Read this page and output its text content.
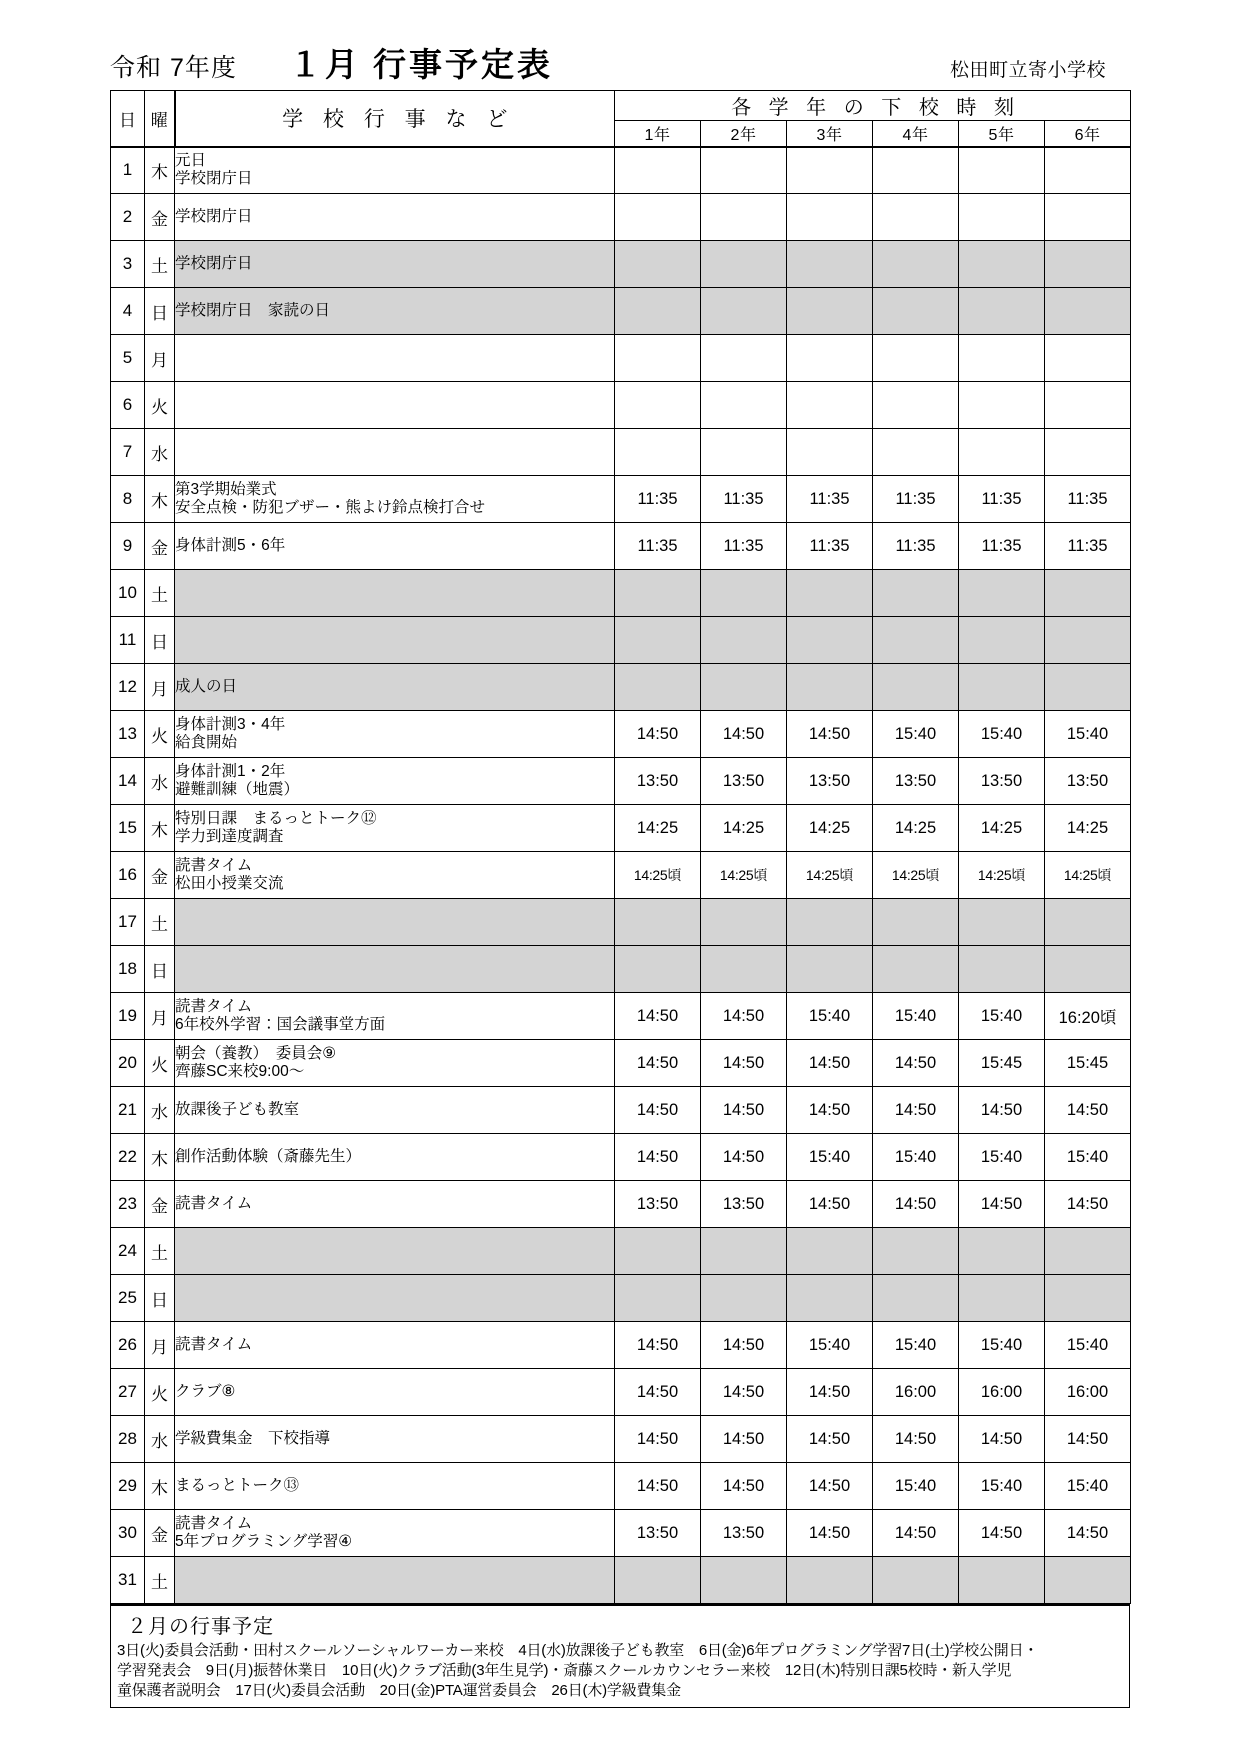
令和 7年度 １月 行事予定表	松田町立寄小学校
日	曜	学 校 行 事 な ど	各 学 年 の 下 校 時 刻					
			1年	2年	3年	4年	5年	6年
1	木	元日
学校閉庁日						

2	金	学校閉庁日						

3	土	学校閉庁日						

4	日	学校閉庁日　家読の日						

5	月							
6	火							
7	水							
8	木	第3学期始業式
安全点検・防犯ブザー・熊よけ鈴点検打合せ	11:35	11:35	11:35	11:35	11:35	11:35
9	金	身体計測5・6年	11:35	11:35	11:35	11:35	11:35	11:35
10	土							
11	日							
12	月	成人の日						

13	火	身体計測3・4年
給食開始	14:50	14:50	14:50	15:40	15:40	15:40
14	水	身体計測1・2年
避難訓練（地震）	13:50	13:50	13:50	13:50	13:50	13:50
15	木	特別日課　まるっとトーク⑫
学力到達度調査	14:25	14:25	14:25	14:25	14:25	14:25
16	金	読書タイム
松田小授業交流	14:25頃	14:25頃	14:25頃	14:25頃	14:25頃	14:25頃
17	土							
18	日							
19	月	読書タイム
6年校外学習：国会議事堂方面	14:50	14:50	15:40	15:40	15:40	16:20頃
20	火	朝会（養教）　委員会⑨
齊藤SC来校9:00〜	14:50	14:50	14:50	14:50	15:45	15:45
21	水	放課後子ども教室	14:50	14:50	14:50	14:50	14:50	14:50
22	木	創作活動体験（斎藤先生）	14:50	14:50	15:40	15:40	15:40	15:40
23	金	読書タイム	13:50	13:50	14:50	14:50	14:50	14:50
24	土							
25	日							
26	月	読書タイム	14:50	14:50	15:40	15:40	15:40	15:40
27	火	クラブ⑧	14:50	14:50	14:50	16:00	16:00	16:00
28	水	学級費集金　下校指導	14:50	14:50	14:50	14:50	14:50	14:50
29	木	まるっとトーク⑬	14:50	14:50	14:50	15:40	15:40	15:40
30	金	読書タイム
5年プログラミング学習④	13:50	13:50	14:50	14:50	14:50	14:50
31	土							
２月の行事予定
3日(火)委員会活動・田村スクールソーシャルワーカー来校　4日(水)放課後子ども教室　6日(金)6年プログラミング学習7日(土)学校公開日・
学習発表会　9日(月)振替休業日　10日(火)クラブ活動(3年生見学)・斎藤スクールカウンセラー来校　12日(木)特別日課5校時・新入学児
童保護者説明会　17日(火)委員会活動　20日(金)PTA運営委員会　26日(木)学級費集金
